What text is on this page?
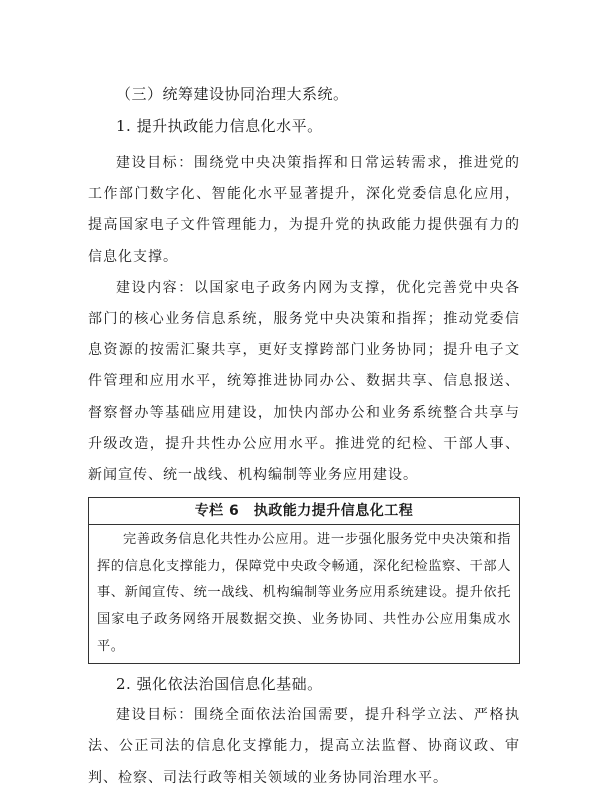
（三）统筹建设协同治理大系统。
1. 提升执政能力信息化水平。

建设目标：围绕党中央决策指挥和日常运转需求，推进党的工作部门数字化、智能化水平显著提升，深化党委信息化应用，提高国家电子文件管理能力，为提升党的执政能力提供强有力的信息化支撑。

建设内容：以国家电子政务内网为支撑，优化完善党中央各部门的核心业务信息系统，服务党中央决策和指挥；推动党委信息资源的按需汇聚共享，更好支撑跨部门业务协同；提升电子文件管理和应用水平，统筹推进协同办公、数据共享、信息报送、督察督办等基础应用建设，加快内部办公和业务系统整合共享与升级改造，提升共性办公应用水平。推进党的纪检、干部人事、新闻宣传、统一战线、机构编制等业务应用建设。

专栏 6　执政能力提升信息化工程
完善政务信息化共性办公应用。进一步强化服务党中央决策和指挥的信息化支撑能力，保障党中央政令畅通，深化纪检监察、干部人事、新闻宣传、统一战线、机构编制等业务应用系统建设。提升依托国家电子政务网络开展数据交换、业务协同、共性办公应用集成水平。
2. 强化依法治国信息化基础。

建设目标：围绕全面依法治国需要，提升科学立法、严格执法、公正司法的信息化支撑能力，提高立法监督、协商议政、审判、检察、司法行政等相关领域的业务协同治理水平。
